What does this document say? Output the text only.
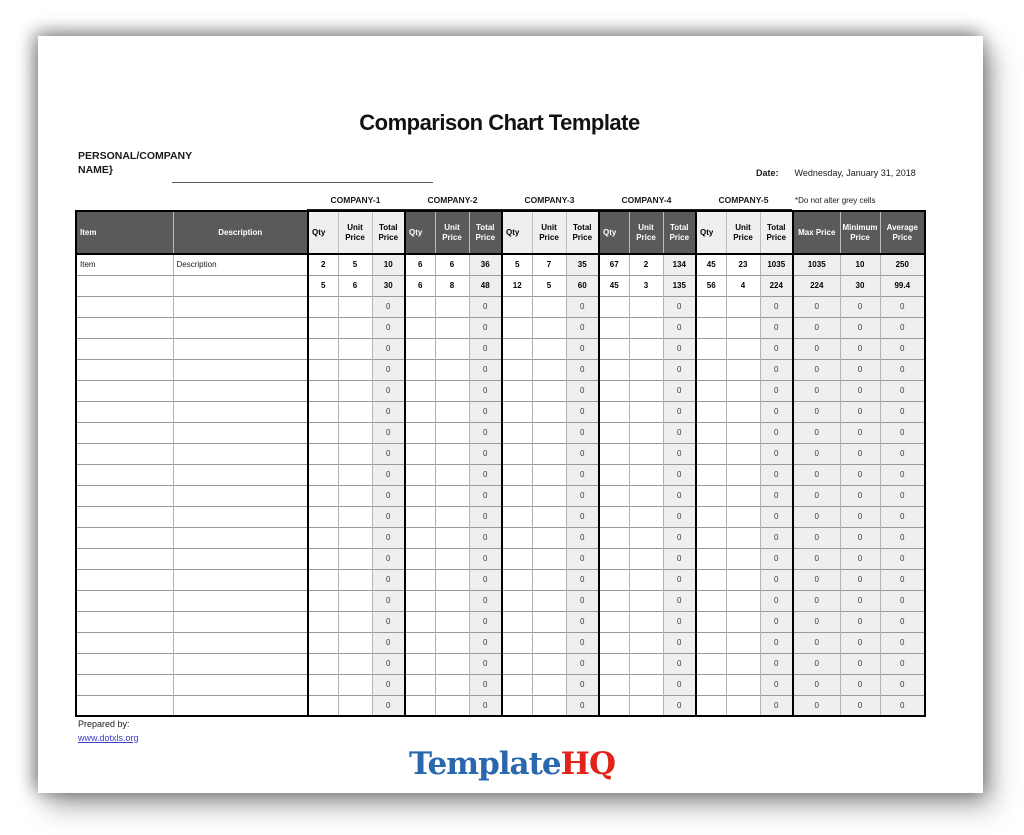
Comparison Chart Template
PERSONAL/COMPANY NAME}	Date: Wednesday, January 31, 2018
COMPANY-1	COMPANY-2	COMPANY-3	COMPANY-4	COMPANY-5	*Do not alter grey cells
Item	Description	Qty	Unit Price	Total Price	Qty	Unit Price	Total Price	Qty	Unit Price	Total Price	Qty	Unit Price	Total Price	Qty	Unit Price	Total Price	Max Price	Minimum Price	Average Price
Item	Description	2	5	10	6	6	36	5	7	35	67	2	134	45	23	1035	1035	10	250
		5	6	30	6	8	48	12	5	60	45	3	135	56	4	224	224	30	99.4
				0			0			0			0			0	0	0	0
				0			0			0			0			0	0	0	0
				0			0			0			0			0	0	0	0
				0			0			0			0			0	0	0	0
				0			0			0			0			0	0	0	0
				0			0			0			0			0	0	0	0
				0			0			0			0			0	0	0	0
				0			0			0			0			0	0	0	0
				0			0			0			0			0	0	0	0
				0			0			0			0			0	0	0	0
				0			0			0			0			0	0	0	0
				0			0			0			0			0	0	0	0
				0			0			0			0			0	0	0	0
				0			0			0			0			0	0	0	0
				0			0			0			0			0	0	0	0
				0			0			0			0			0	0	0	0
				0			0			0			0			0	0	0	0
				0			0			0			0			0	0	0	0
				0			0			0			0			0	0	0	0
				0			0			0			0			0	0	0	0
Prepared by:
www.dotxls.org
TemplateHQ
